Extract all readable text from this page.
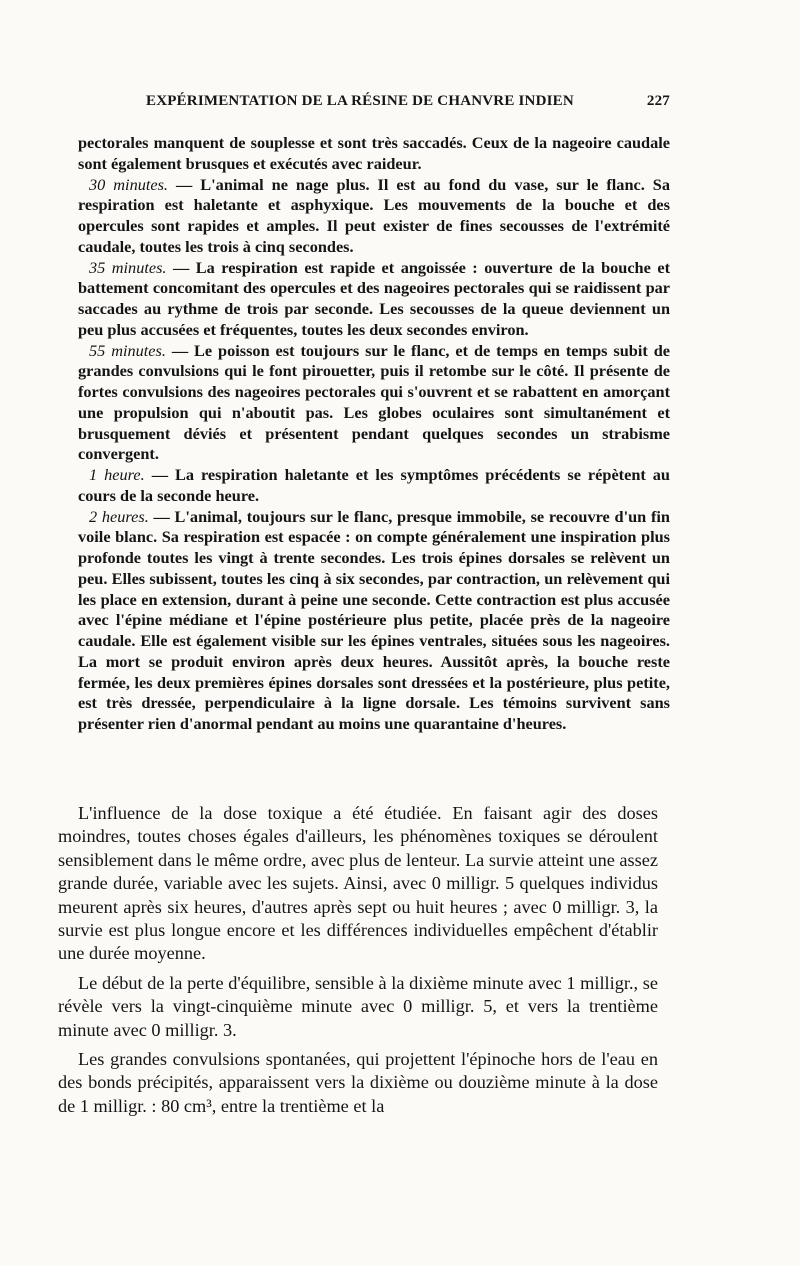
EXPÉRIMENTATION DE LA RÉSINE DE CHANVRE INDIEN	227

pectorales manquent de souplesse et sont très saccadés. Ceux de la nageoire caudale sont également brusques et exécutés avec raideur.

30 minutes. — L'animal ne nage plus. Il est au fond du vase, sur le flanc. Sa respiration est haletante et asphyxique. Les mouvements de la bouche et des opercules sont rapides et amples. Il peut exister de fines secousses de l'extrémité caudale, toutes les trois à cinq secondes.

35 minutes. — La respiration est rapide et angoissée : ouverture de la bouche et battement concomitant des opercules et des nageoires pectorales qui se raidissent par saccades au rythme de trois par seconde. Les secousses de la queue deviennent un peu plus accusées et fréquentes, toutes les deux secondes environ.

55 minutes. — Le poisson est toujours sur le flanc, et de temps en temps subit de grandes convulsions qui le font pirouetter, puis il retombe sur le côté. Il présente de fortes convulsions des nageoires pectorales qui s'ouvrent et se rabattent en amorçant une propulsion qui n'aboutit pas. Les globes oculaires sont simultanément et brusquement déviés et présentent pendant quelques secondes un strabisme convergent.

1 heure. — La respiration haletante et les symptômes précédents se répètent au cours de la seconde heure.

2 heures. — L'animal, toujours sur le flanc, presque immobile, se recouvre d'un fin voile blanc. Sa respiration est espacée : on compte généralement une inspiration plus profonde toutes les vingt à trente secondes. Les trois épines dorsales se relèvent un peu. Elles subissent, toutes les cinq à six secondes, par contraction, un relèvement qui les place en extension, durant à peine une seconde. Cette contraction est plus accusée avec l'épine médiane et l'épine postérieure plus petite, placée près de la nageoire caudale. Elle est également visible sur les épines ventrales, situées sous les nageoires. La mort se produit environ après deux heures. Aussitôt après, la bouche reste fermée, les deux premières épines dorsales sont dressées et la postérieure, plus petite, est très dressée, perpendiculaire à la ligne dorsale. Les témoins survivent sans présenter rien d'anormal pendant au moins une quarantaine d'heures.

L'influence de la dose toxique a été étudiée. En faisant agir des doses moindres, toutes choses égales d'ailleurs, les phénomènes toxiques se déroulent sensiblement dans le même ordre, avec plus de lenteur. La survie atteint une assez grande durée, variable avec les sujets. Ainsi, avec 0 milligr. 5 quelques individus meurent après six heures, d'autres après sept ou huit heures ; avec 0 milligr. 3, la survie est plus longue encore et les différences individuelles empêchent d'établir une durée moyenne.

Le début de la perte d'équilibre, sensible à la dixième minute avec 1 milligr., se révèle vers la vingt-cinquième minute avec 0 milligr. 5, et vers la trentième minute avec 0 milligr. 3.

Les grandes convulsions spontanées, qui projettent l'épinoche hors de l'eau en des bonds précipités, apparaissent vers la dixième ou douzième minute à la dose de 1 milligr. : 80 cm³, entre la trentième et la
